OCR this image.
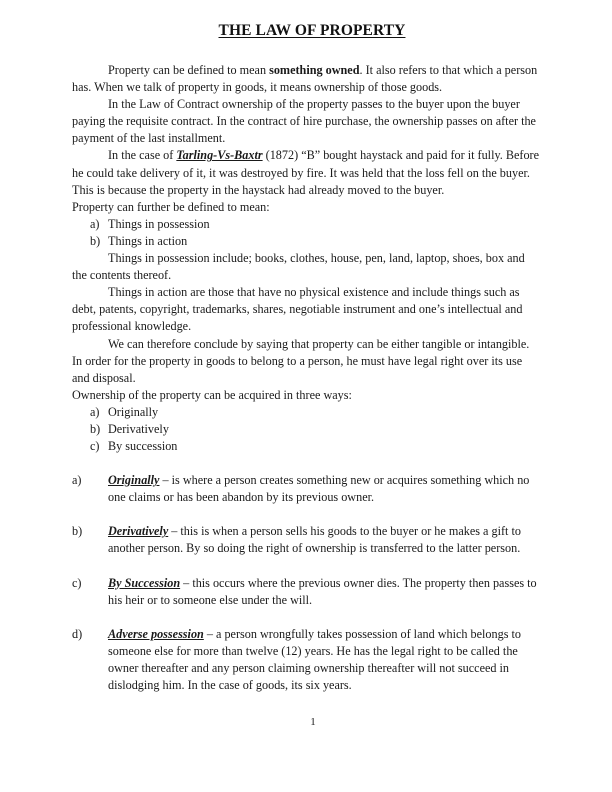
THE LAW OF PROPERTY

Property can be defined to mean something owned. It also refers to that which a person has. When we talk of property in goods, it means ownership of those goods.

In the Law of Contract ownership of the property passes to the buyer upon the buyer paying the requisite contract. In the contract of hire purchase, the ownership passes on after the payment of the last installment.

In the case of Tarling-Vs-Baxtr (1872) “B” bought haystack and paid for it fully. Before he could take delivery of it, it was destroyed by fire. It was held that the loss fell on the buyer. This is because the property in the haystack had already moved to the buyer.

Property can further be defined to mean:

a) Things in possession
b) Things in action

Things in possession include; books, clothes, house, pen, land, laptop, shoes, box and the contents thereof.

Things in action are those that have no physical existence and include things such as debt, patents, copyright, trademarks, shares, negotiable instrument and one’s intellectual and professional knowledge.

We can therefore conclude by saying that property can be either tangible or intangible. In order for the property in goods to belong to a person, he must have legal right over its use and disposal.

Ownership of the property can be acquired in three ways:

a) Originally
b) Derivatively
c) By succession
a) Originally – is where a person creates something new or acquires something which no one claims or has been abandon by its previous owner.
b) Derivatively – this is when a person sells his goods to the buyer or he makes a gift to another person. By so doing the right of ownership is transferred to the latter person.
c) By Succession – this occurs where the previous owner dies. The property then passes to his heir or to someone else under the will.
d) Adverse possession – a person wrongfully takes possession of land which belongs to someone else for more than twelve (12) years. He has the legal right to be called the owner thereafter and any person claiming ownership thereafter will not succeed in dislodging him. In the case of goods, its six years.
1
